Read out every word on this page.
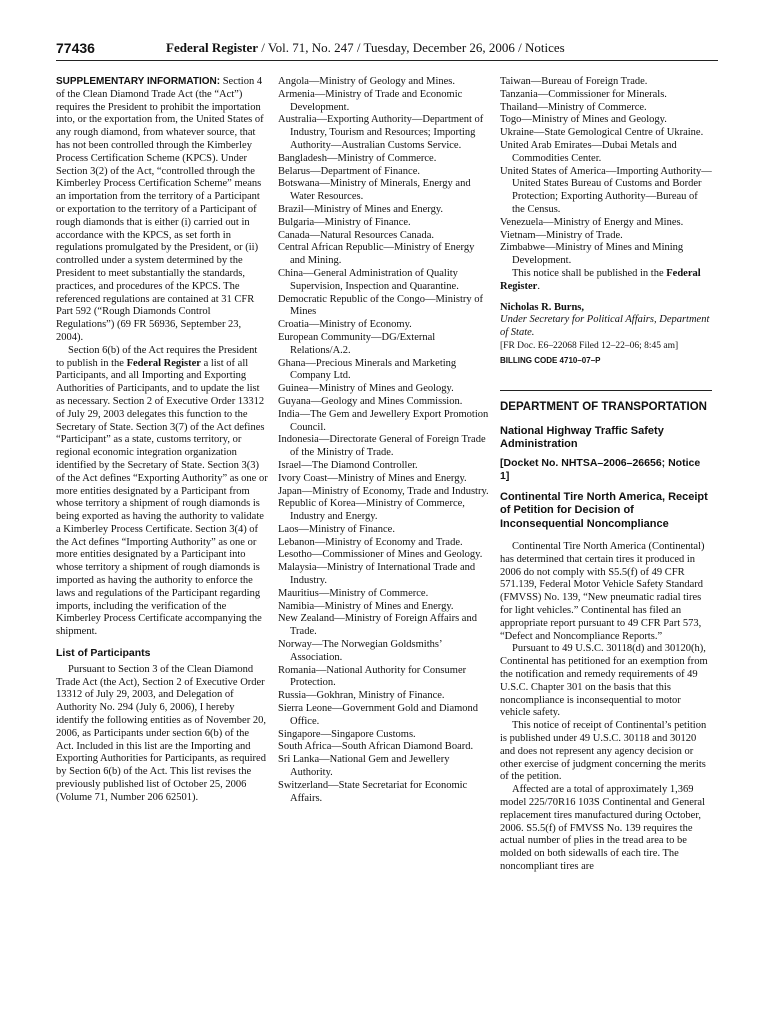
77436	Federal Register / Vol. 71, No. 247 / Tuesday, December 26, 2006 / Notices

SUPPLEMENTARY INFORMATION: Section 4 of the Clean Diamond Trade Act (the “Act”) requires the President to prohibit the importation into, or the exportation from, the United States of any rough diamond, from whatever source, that has not been controlled through the Kimberley Process Certification Scheme (KPCS). Under Section 3(2) of the Act, “controlled through the Kimberley Process Certification Scheme” means an importation from the territory of a Participant or exportation to the territory of a Participant of rough diamonds that is either (i) carried out in accordance with the KPCS, as set forth in regulations promulgated by the President, or (ii) controlled under a system determined by the President to meet substantially the standards, practices, and procedures of the KPCS. The referenced regulations are contained at 31 CFR Part 592 (“Rough Diamonds Control Regulations”) (69 FR 56936, September 23, 2004).

Section 6(b) of the Act requires the President to publish in the Federal Register a list of all Participants, and all Importing and Exporting Authorities of Participants, and to update the list as necessary. Section 2 of Executive Order 13312 of July 29, 2003 delegates this function to the Secretary of State. Section 3(7) of the Act defines “Participant” as a state, customs territory, or regional economic integration organization identified by the Secretary of State. Section 3(3) of the Act defines “Exporting Authority” as one or more entities designated by a Participant from whose territory a shipment of rough diamonds is being exported as having the authority to validate a Kimberley Process Certificate. Section 3(4) of the Act defines “Importing Authority” as one or more entities designated by a Participant into whose territory a shipment of rough diamonds is imported as having the authority to enforce the laws and regulations of the Participant regarding imports, including the verification of the Kimberley Process Certificate accompanying the shipment.

List of Participants

Pursuant to Section 3 of the Clean Diamond Trade Act (the Act), Section 2 of Executive Order 13312 of July 29, 2003, and Delegation of Authority No. 294 (July 6, 2006), I hereby identify the following entities as of November 20, 2006, as Participants under section 6(b) of the Act. Included in this list are the Importing and Exporting Authorities for Participants, as required by Section 6(b) of the Act. This list revises the previously published list of October 25, 2006 (Volume 71, Number 206 62501).

Angola—Ministry of Geology and Mines.

Armenia—Ministry of Trade and Economic Development.

Australia—Exporting Authority—Department of Industry, Tourism and Resources; Importing Authority—Australian Customs Service.

Bangladesh—Ministry of Commerce.

Belarus—Department of Finance.

Botswana—Ministry of Minerals, Energy and Water Resources.

Brazil—Ministry of Mines and Energy.

Bulgaria—Ministry of Finance.

Canada—Natural Resources Canada.

Central African Republic—Ministry of Energy and Mining.

China—General Administration of Quality Supervision, Inspection and Quarantine.

Democratic Republic of the Congo—Ministry of Mines

Croatia—Ministry of Economy.

European Community—DG/External Relations/A.2.

Ghana—Precious Minerals and Marketing Company Ltd.

Guinea—Ministry of Mines and Geology.

Guyana—Geology and Mines Commission.

India—The Gem and Jewellery Export Promotion Council.

Indonesia—Directorate General of Foreign Trade of the Ministry of Trade.

Israel—The Diamond Controller.

Ivory Coast—Ministry of Mines and Energy.

Japan—Ministry of Economy, Trade and Industry.

Republic of Korea—Ministry of Commerce, Industry and Energy.

Laos—Ministry of Finance.

Lebanon—Ministry of Economy and Trade.

Lesotho—Commissioner of Mines and Geology.

Malaysia—Ministry of International Trade and Industry.

Mauritius—Ministry of Commerce.

Namibia—Ministry of Mines and Energy.

New Zealand—Ministry of Foreign Affairs and Trade.

Norway—The Norwegian Goldsmiths’ Association.

Romania—National Authority for Consumer Protection.

Russia—Gokhran, Ministry of Finance.

Sierra Leone—Government Gold and Diamond Office.

Singapore—Singapore Customs.

South Africa—South African Diamond Board.

Sri Lanka—National Gem and Jewellery Authority.

Switzerland—State Secretariat for Economic Affairs.

Taiwan—Bureau of Foreign Trade.

Tanzania—Commissioner for Minerals.

Thailand—Ministry of Commerce.

Togo—Ministry of Mines and Geology.

Ukraine—State Gemological Centre of Ukraine.

United Arab Emirates—Dubai Metals and Commodities Center.

United States of America—Importing Authority—United States Bureau of Customs and Border Protection; Exporting Authority—Bureau of the Census.

Venezuela—Ministry of Energy and Mines.

Vietnam—Ministry of Trade.

Zimbabwe—Ministry of Mines and Mining Development.

This notice shall be published in the Federal Register.

Nicholas R. Burns,

Under Secretary for Political Affairs, Department of State.

[FR Doc. E6–22068 Filed 12–22–06; 8:45 am]

BILLING CODE 4710–07–P

DEPARTMENT OF TRANSPORTATION

National Highway Traffic Safety Administration

[Docket No. NHTSA–2006–26656; Notice 1]

Continental Tire North America, Receipt of Petition for Decision of Inconsequential Noncompliance

Continental Tire North America (Continental) has determined that certain tires it produced in 2006 do not comply with S5.5(f) of 49 CFR 571.139, Federal Motor Vehicle Safety Standard (FMVSS) No. 139, “New pneumatic radial tires for light vehicles.” Continental has filed an appropriate report pursuant to 49 CFR Part 573, “Defect and Noncompliance Reports.”

Pursuant to 49 U.S.C. 30118(d) and 30120(h), Continental has petitioned for an exemption from the notification and remedy requirements of 49 U.S.C. Chapter 301 on the basis that this noncompliance is inconsequential to motor vehicle safety.

This notice of receipt of Continental’s petition is published under 49 U.S.C. 30118 and 30120 and does not represent any agency decision or other exercise of judgment concerning the merits of the petition.

Affected are a total of approximately 1,369 model 225/70R16 103S Continental and General replacement tires manufactured during October, 2006. S5.5(f) of FMVSS No. 139 requires the actual number of plies in the tread area to be molded on both sidewalls of each tire. The noncompliant tires are
